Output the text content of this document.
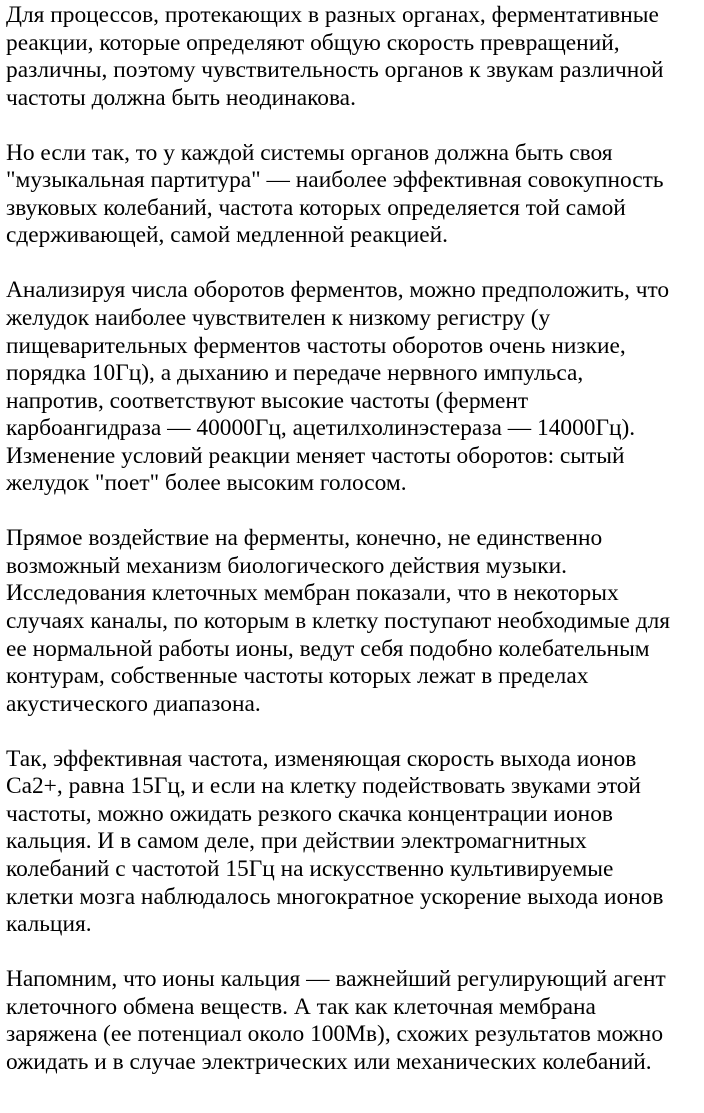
Для процессов, протекающих в разных органах, ферментативные
реакции, которые определяют общую скорость превращений,
различны, поэтому чувствительность органов к звукам различной
частоты должна быть неодинакова.

Но если так, то у каждой системы органов должна быть своя
"музыкальная партитура" — наиболее эффективная совокупность
звуковых колебаний, частота которых определяется той самой
сдерживающей, самой медленной реакцией.

Анализируя числа оборотов ферментов, можно предположить, что
желудок наиболее чувствителен к низкому регистру (у
пищеварительных ферментов частоты оборотов очень низкие,
порядка 10Гц), а дыханию и передаче нервного импульса,
напротив, соответствуют высокие частоты (фермент
карбоангидраза — 40000Гц, ацетилхолинэстераза — 14000Гц).
Изменение условий реакции меняет частоты оборотов: сытый
желудок "поет" более высоким голосом.

Прямое воздействие на ферменты, конечно, не единственно
возможный механизм биологического действия музыки.
Исследования клеточных мембран показали, что в некоторых
случаях каналы, по которым в клетку поступают необходимые для
ее нормальной работы ионы, ведут себя подобно колебательным
контурам, собственные частоты которых лежат в пределах
акустического диапазона.

Так, эффективная частота, изменяющая скорость выхода ионов
Ca2+, равна 15Гц, и если на клетку подействовать звуками этой
частоты, можно ожидать резкого скачка концентрации ионов
кальция. И в самом деле, при действии электромагнитных
колебаний с частотой 15Гц на искусственно культивируемые
клетки мозга наблюдалось многократное ускорение выхода ионов
кальция.

Напомним, что ионы кальция — важнейший регулирующий агент
клеточного обмена веществ. А так как клеточная мембрана
заряжена (ее потенциал около 100Мв), схожих результатов можно
ожидать и в случае электрических или механических колебаний.
